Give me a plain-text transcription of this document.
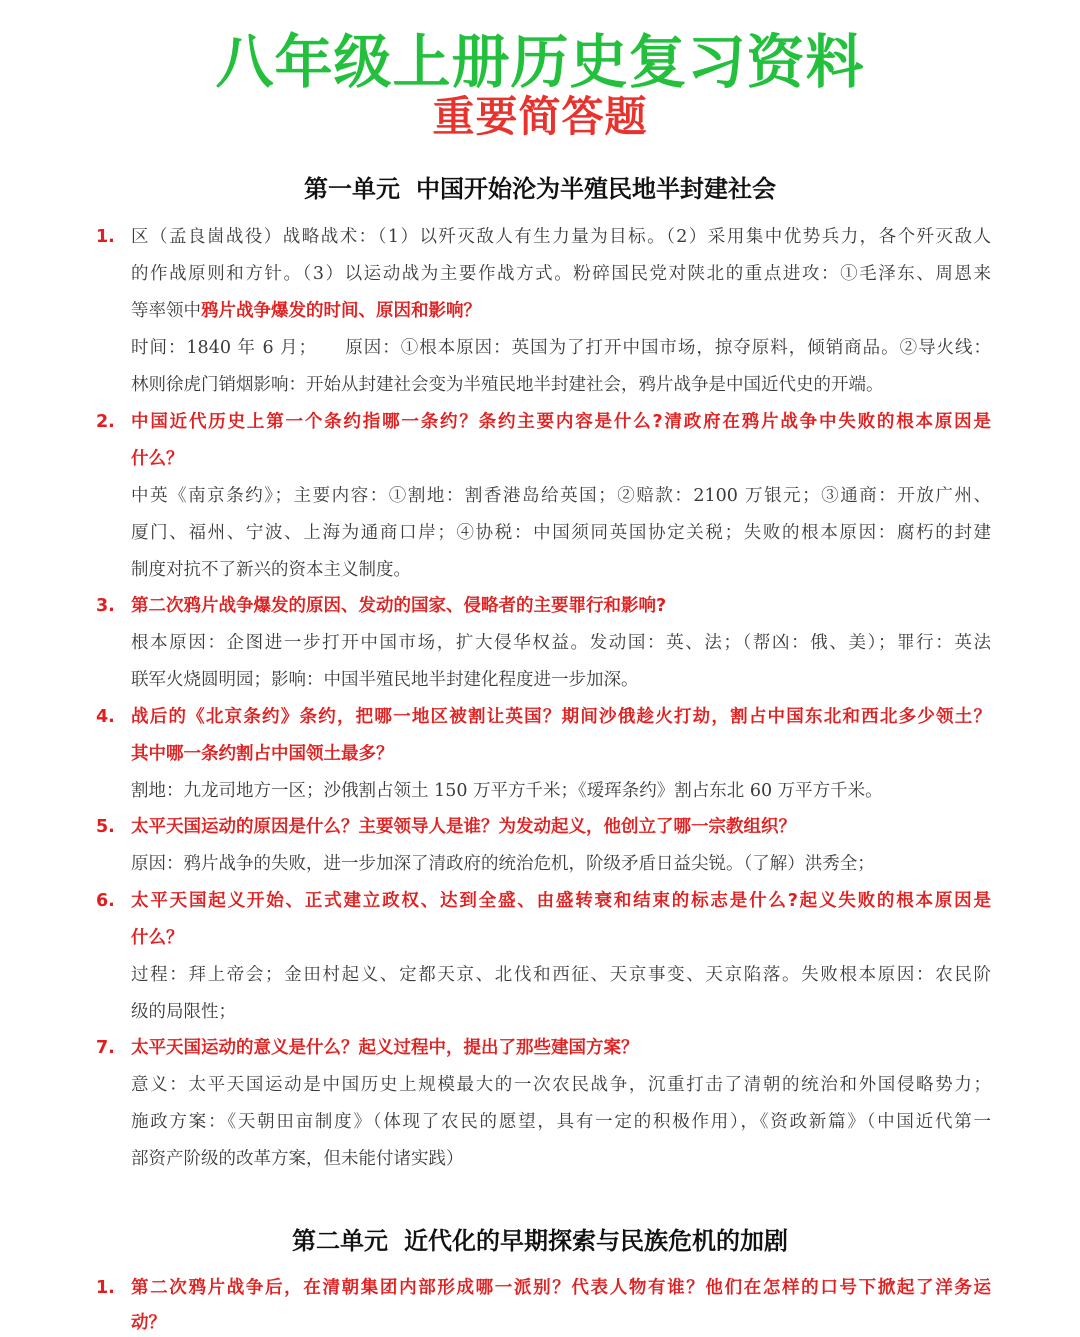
八年级上册历史复习资料
重要简答题
第一单元 中国开始沦为半殖民地半封建社会
1. 区（孟良崮战役）战略战术：（1）以歼灭敌人有生力量为目标。（2）采用集中优势兵力，各个歼灭敌人
的作战原则和方针。（3）以运动战为主要作战方式。粉碎国民党对陕北的重点进攻：①毛泽东、周恩来
等率领中鸦片战争爆发的时间、原因和影响？
时间：1840 年 6 月；　　原因：①根本原因：英国为了打开中国市场，掠夺原料，倾销商品。②导火线：
林则徐虎门销烟影响：开始从封建社会变为半殖民地半封建社会，鸦片战争是中国近代史的开端。
2. 中国近代历史上第一个条约指哪一条约？条约主要内容是什么?清政府在鸦片战争中失败的根本原因是
什么？
中英《南京条约》；主要内容：①割地：割香港岛给英国；②赔款：2100 万银元；③通商：开放广州、
厦门、福州、宁波、上海为通商口岸；④协税：中国须同英国协定关税；失败的根本原因：腐朽的封建
制度对抗不了新兴的资本主义制度。
3. 第二次鸦片战争爆发的原因、发动的国家、侵略者的主要罪行和影响?
根本原因：企图进一步打开中国市场，扩大侵华权益。发动国：英、法；（帮凶：俄、美）；罪行：英法
联军火烧圆明园；影响：中国半殖民地半封建化程度进一步加深。
4. 战后的《北京条约》条约，把哪一地区被割让英国？期间沙俄趁火打劫，割占中国东北和西北多少领土？
其中哪一条约割占中国领土最多？
割地：九龙司地方一区；沙俄割占领土 150 万平方千米；《瑷珲条约》割占东北 60 万平方千米。
5. 太平天国运动的原因是什么？主要领导人是谁？为发动起义，他创立了哪一宗教组织？
原因：鸦片战争的失败，进一步加深了清政府的统治危机，阶级矛盾日益尖锐。（了解）洪秀全；
6. 太平天国起义开始、正式建立政权、达到全盛、由盛转衰和结束的标志是什么?起义失败的根本原因是
什么？
过程：拜上帝会；金田村起义、定都天京、北伐和西征、天京事变、天京陷落。失败根本原因：农民阶
级的局限性；
7. 太平天国运动的意义是什么？起义过程中，提出了那些建国方案？
意义：太平天国运动是中国历史上规模最大的一次农民战争，沉重打击了清朝的统治和外国侵略势力；
施政方案：《天朝田亩制度》（体现了农民的愿望，具有一定的积极作用），《资政新篇》（中国近代第一
部资产阶级的改革方案，但未能付诸实践）
第二单元 近代化的早期探索与民族危机的加剧
1. 第二次鸦片战争后，在清朝集团内部形成哪一派别？代表人物有谁？他们在怎样的口号下掀起了洋务运
动？
